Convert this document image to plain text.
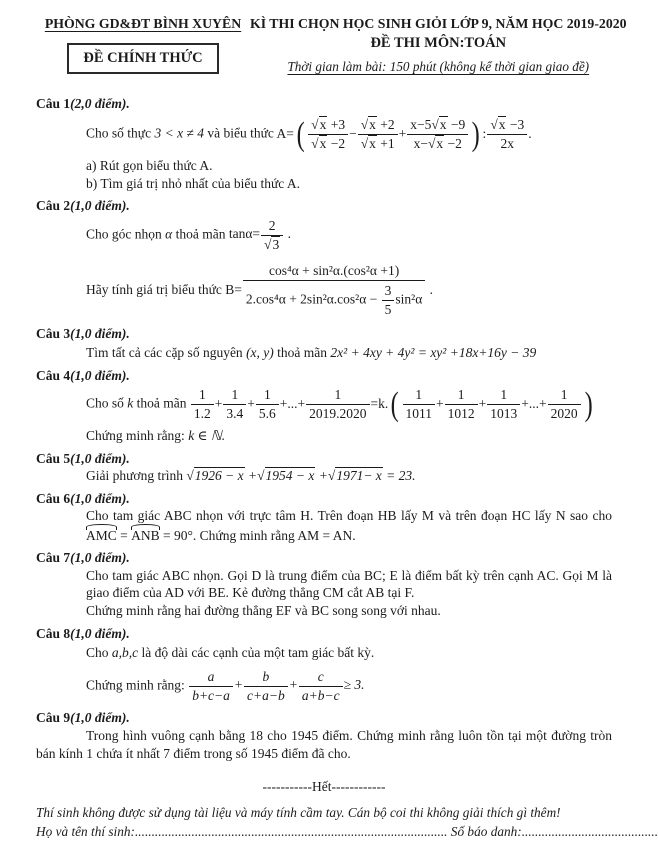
PHÒNG GD&ĐT BÌNH XUYÊN
ĐỀ CHÍNH THỨC
KÌ THI CHỌN HỌC SINH GIỎI LỚP 9, NĂM HỌC 2019-2020
ĐỀ THI MÔN:TOÁN
Thời gian làm bài: 150 phút (không kể thời gian giao đề)
Câu 1(2,0 điểm).
Cho số thực 3 < x ≠ 4 và biểu thức $A=( \frac{√x +3}{√x -2} - \frac{√x +2}{√x +1} + \frac{x-5√x -9}{x-√x -2}$ ) : $\frac{√x -3}{2x}$ .
a) Rút gọn biểu thức A.
b) Tìm giá trị nhỏ nhất của biểu thức A.
Câu 2(1,0 điểm).
Cho góc nhọn α thoả mãn $\tan\alpha= \frac{2}{√3}$ .
Hãy tính giá trị biểu thức $B= \frac{\text{cos⁴α + sin²α.(cos²α +1)}}{2.\cos^4\alpha + 2\sin^2\alpha.\cos^2\alpha - \frac{3}{5} \sin^2\alpha}$ .
Câu 3(1,0 điểm).
Tìm tất cả các cặp số nguyên (x, y) thoả mãn 2x² + 4xy + 4y² = xy² +18x+16y − 39
Câu 4(1,0 điểm).
Cho số k thoả mãn $\frac{1}{1.2} + \frac{1}{3.4} + \frac{1}{5.6}$ +...+ $\frac{1}{2019.2020} =k.( \frac{1}{1011} + \frac{1}{1012} + \frac{1}{1013}$ +...+ $\frac{1}{2020}$ )
Chứng minh rằng: k ∈ ℕ.
Câu 5(1,0 điểm).
Giải phương trình √1926 − x +√1954 − x +√1971− x = 23.
Câu 6(1,0 điểm).
Cho tam giác ABC nhọn với trực tâm H. Trên đoạn HB lấy M và trên đoạn HC lấy N sao cho AMC = ANB = 90°. Chứng minh rằng AM = AN.
Câu 7(1,0 điểm).
Cho tam giác ABC nhọn. Gọi D là trung điểm của BC; E là điểm bất kỳ trên cạnh AC. Gọi M là giao điểm của AD với BE. Kẻ đường thẳng CM cắt AB tại F.
Chứng minh rằng hai đường thẳng EF và BC song song với nhau.
Câu 8(1,0 điểm).
Cho a,b,c là độ dài các cạnh của một tam giác bất kỳ.
Chứng minh rằng: $\frac{a}{b+c-a} + \frac{b}{c+a-b} + \frac{c}{a+b-c} \ge 3$.
Câu 9(1,0 điểm).
Trong hình vuông cạnh bằng 18 cho 1945 điểm. Chứng minh rằng luôn tồn tại một đường tròn bán kính 1 chứa ít nhất 7 điểm trong số 1945 điểm đã cho.
-----------Hết------------
Thí sinh không được sử dụng tài liệu và máy tính cầm tay. Cán bộ coi thi không giải thích gì thêm!
Họ và tên thí sinh:.............................................................................................. Số báo danh:.........................................
